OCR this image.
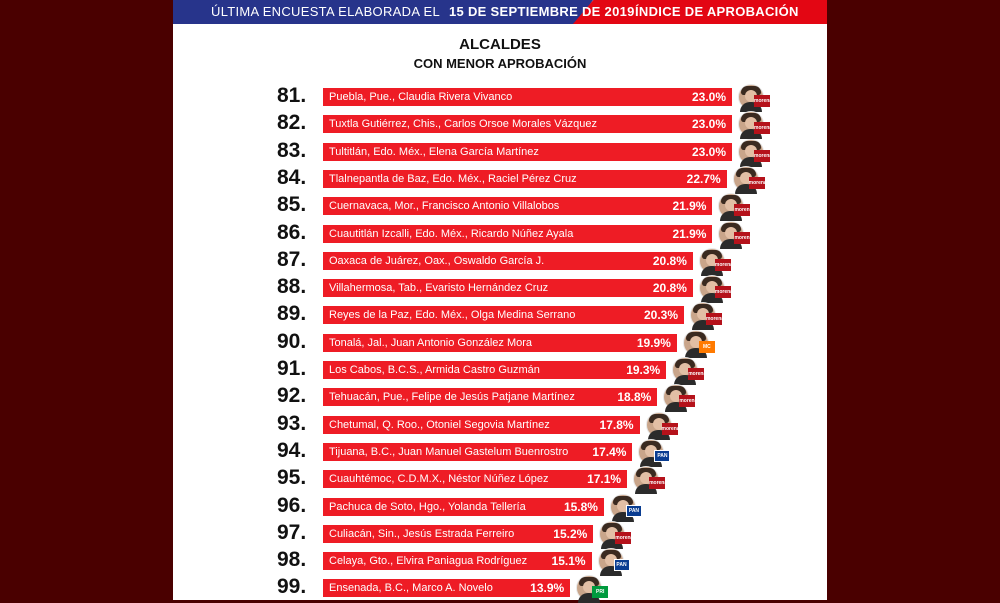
ÚLTIMA ENCUESTA ELABORADA EL 15 DE SEPTIEMBRE DE 2019 ÍNDICE DE APROBACIÓN
ALCALDES
CON MENOR APROBACIÓN
81. Puebla, Pue., Claudia Rivera Vivanco	23.0%	morena
82. Tuxtla Gutiérrez, Chis., Carlos Orsoe Morales Vázquez	23.0%	morena
83. Tultitlán, Edo. Méx., Elena García Martínez	23.0%	morena
84. Tlalnepantla de Baz, Edo. Méx., Raciel Pérez Cruz	22.7%	morena
85. Cuernavaca, Mor., Francisco Antonio Villalobos	21.9%	morena
86. Cuautitlán Izcalli, Edo. Méx., Ricardo Núñez Ayala	21.9%	morena
87. Oaxaca de Juárez, Oax., Oswaldo García J.	20.8%	morena
88. Villahermosa, Tab., Evaristo Hernández Cruz	20.8%	morena
89. Reyes de la Paz, Edo. Méx., Olga Medina Serrano	20.3%	morena
90. Tonalá, Jal., Juan Antonio González Mora	19.9%	MC
91. Los Cabos, B.C.S., Armida Castro Guzmán	19.3%	morena
92. Tehuacán, Pue., Felipe de Jesús Patjane Martínez	18.8%	morena
93. Chetumal, Q. Roo., Otoniel Segovia Martínez	17.8%	morena
94. Tijuana, B.C., Juan Manuel Gastelum Buenrostro 17.4%	PAN
95. Cuauhtémoc, C.D.M.X., Néstor Núñez López	17.1%	morena
96. Pachuca de Soto, Hgo., Yolanda Tellería	15.8%	PAN
97. Culiacán, Sin., Jesús Estrada Ferreiro	15.2%	morena
98. Celaya, Gto., Elvira Paniagua Rodríguez 15.1%	PAN
99. Ensenada, B.C., Marco A. Novelo	13.9%	PRI
